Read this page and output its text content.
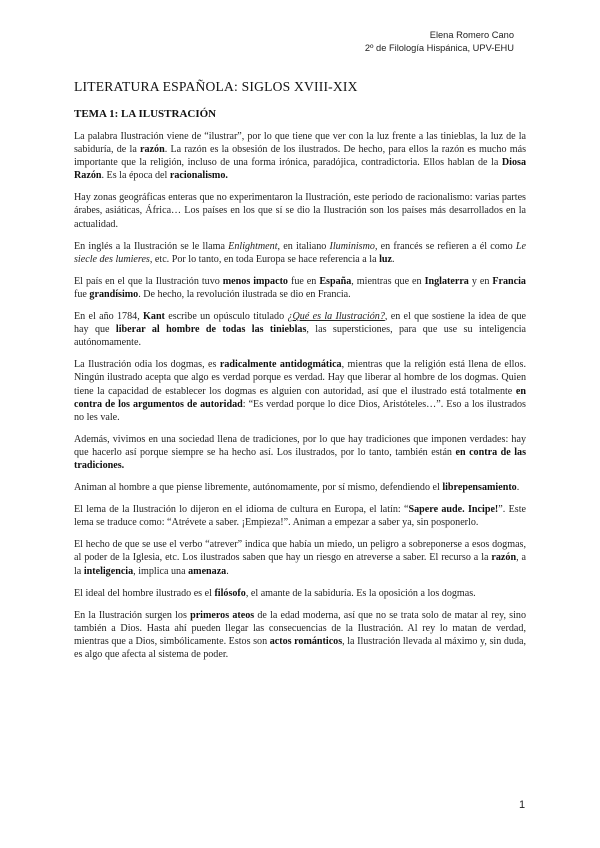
Elena Romero Cano
2º de Filología Hispánica, UPV-EHU
LITERATURA ESPAÑOLA: SIGLOS XVIII-XIX
TEMA 1: LA ILUSTRACIÓN

La palabra Ilustración viene de “ilustrar”, por lo que tiene que ver con la luz frente a las tinieblas, la luz de la sabiduría, de la razón. La razón es la obsesión de los ilustrados. De hecho, para ellos la razón es mucho más importante que la religión, incluso de una forma irónica, paradójica, contradictoria. Ellos hablan de la Diosa Razón. Es la época del racionalismo.

Hay zonas geográficas enteras que no experimentaron la Ilustración, este periodo de racionalismo: varias partes árabes, asiáticas, África… Los países en los que sí se dio la Ilustración son los países más desarrollados en la actualidad.

En inglés a la Ilustración se le llama Enlightment, en italiano Iluminismo, en francés se refieren a él como Le siecle des lumieres, etc. Por lo tanto, en toda Europa se hace referencia a la luz.

El país en el que la Ilustración tuvo menos impacto fue en España, mientras que en Inglaterra y en Francia fue grandísimo. De hecho, la revolución ilustrada se dio en Francia.

En el año 1784, Kant escribe un opúsculo titulado ¿Qué es la Ilustración?, en el que sostiene la idea de que hay que liberar al hombre de todas las tinieblas, las supersticiones, para que use su inteligencia autónomamente.

La Ilustración odia los dogmas, es radicalmente antidogmática, mientras que la religión está llena de ellos. Ningún ilustrado acepta que algo es verdad porque es verdad. Hay que liberar al hombre de los dogmas. Quien tiene la capacidad de establecer los dogmas es alguien con autoridad, así que el ilustrado está totalmente en contra de los argumentos de autoridad: “Es verdad porque lo dice Dios, Aristóteles…”. Eso a los ilustrados no les vale.

Además, vivimos en una sociedad llena de tradiciones, por lo que hay tradiciones que imponen verdades: hay que hacerlo así porque siempre se ha hecho así. Los ilustrados, por lo tanto, también están en contra de las tradiciones.

Animan al hombre a que piense libremente, autónomamente, por sí mismo, defendiendo el librepensamiento.

El lema de la Ilustración lo dijeron en el idioma de cultura en Europa, el latín: “Sapere aude. Incipe!”. Este lema se traduce como: “Atrévete a saber. ¡Empieza!”. Animan a empezar a saber ya, sin posponerlo.

El hecho de que se use el verbo “atrever” indica que había un miedo, un peligro a sobreponerse a esos dogmas, al poder de la Iglesia, etc. Los ilustrados saben que hay un riesgo en atreverse a saber. El recurso a la razón, a la inteligencia, implica una amenaza.

El ideal del hombre ilustrado es el filósofo, el amante de la sabiduría. Es la oposición a los dogmas.

En la Ilustración surgen los primeros ateos de la edad moderna, así que no se trata solo de matar al rey, sino también a Dios. Hasta ahí pueden llegar las consecuencias de la Ilustración. Al rey lo matan de verdad, mientras que a Dios, simbólicamente. Estos son actos románticos, la Ilustración llevada al máximo y, sin duda, es algo que afecta al sistema de poder.

1
